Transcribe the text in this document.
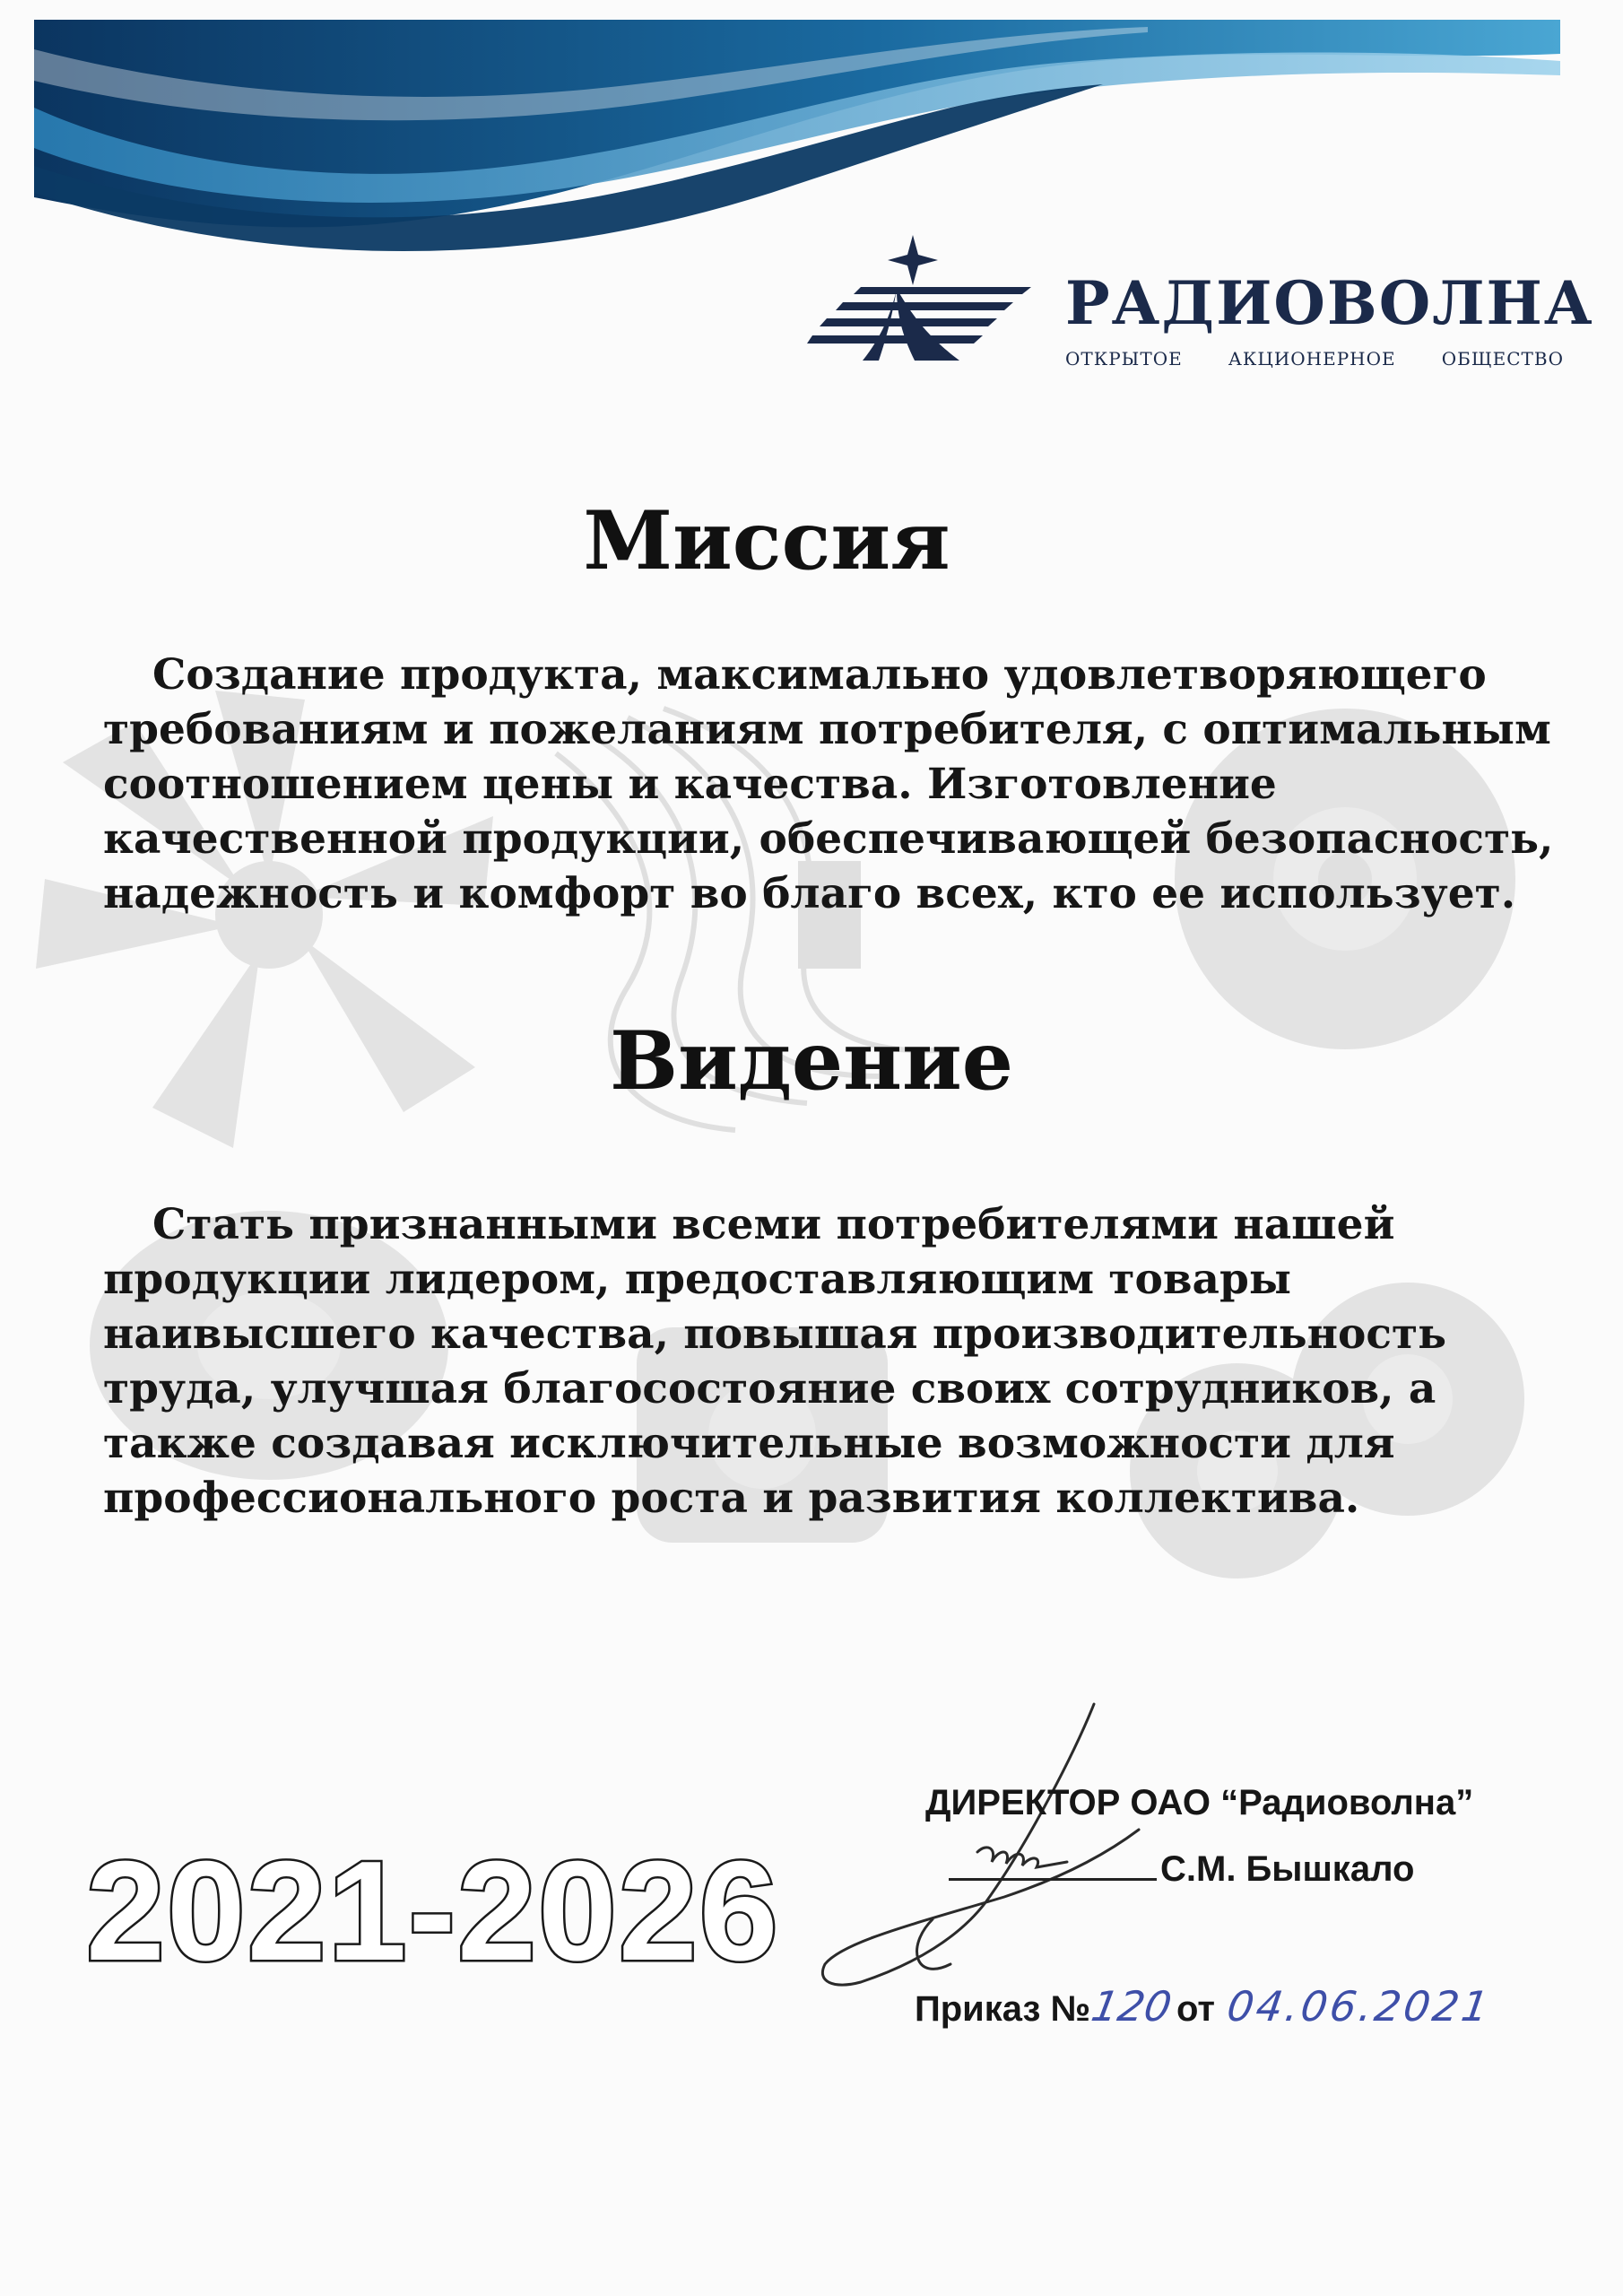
РАДИОВОЛНА
ОТКРЫТОЕ	АКЦИОНЕРНОЕ	ОБЩЕСТВО
Миссия
Создание продукта, максимально удовлетворяющего
требованиям и пожеланиям потребителя, с оптимальным
соотношением цены и качества. Изготовление
качественной продукции, обеспечивающей безопасность,
надежность и комфорт во благо всех, кто ее использует.
Видение
Стать признанными всеми потребителями нашей
продукции лидером, предоставляющим товары
наивысшего качества, повышая производительность
труда, улучшая благосостояние своих сотрудников, а
также создавая исключительные возможности для
профессионального роста и развития коллектива.
2021-2026
ДИРЕКТОР ОАО “Радиоволна”
С.М. Бышкало
Приказ №120от 04.06.2021
